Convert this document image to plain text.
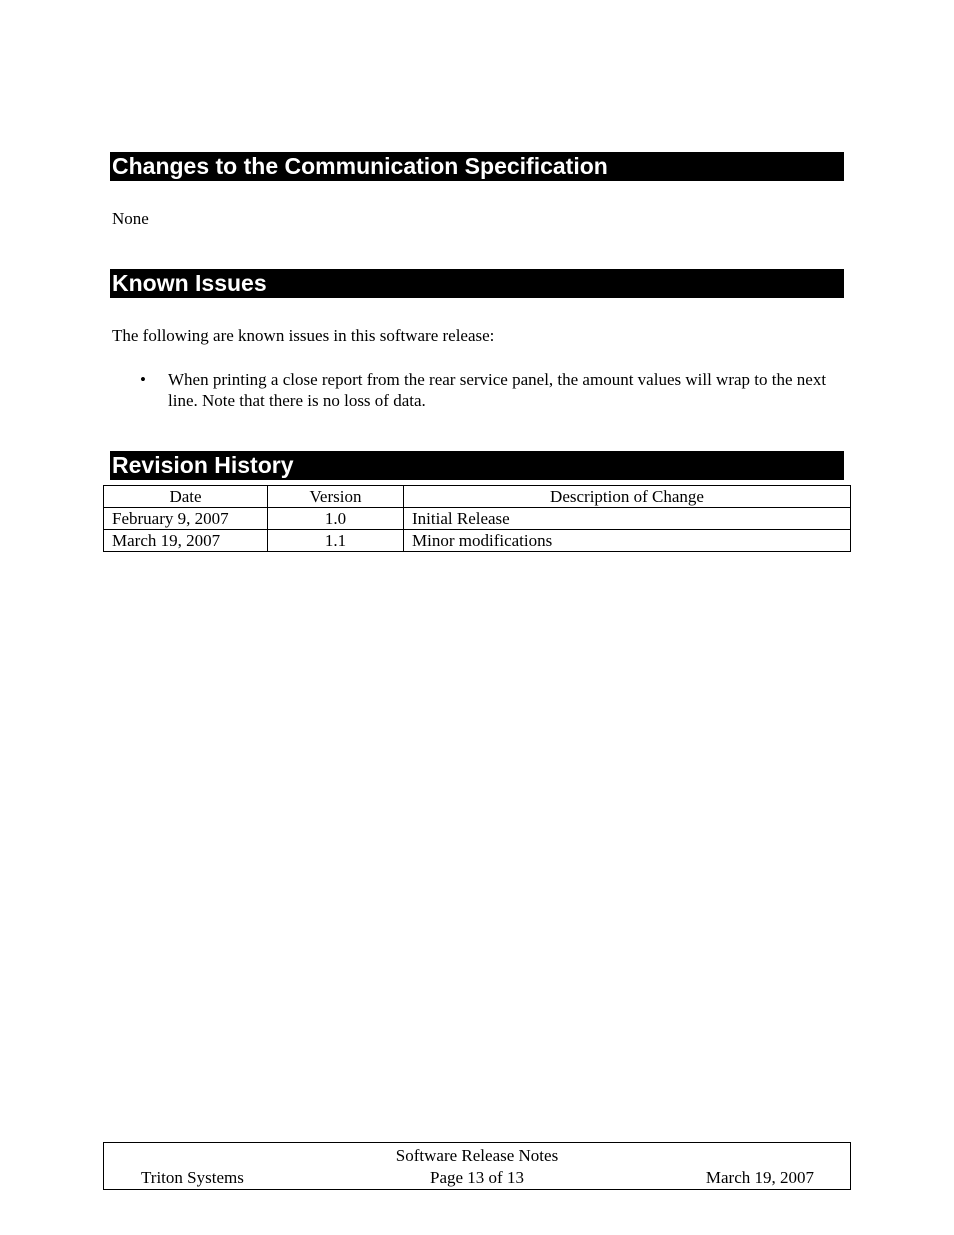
Changes to the Communication Specification
None
Known Issues
The following are known issues in this software release:
• When printing a close report from the rear service panel, the amount values will wrap to the next line. Note that there is no loss of data.
Revision History
Date	Version	Description of Change
February 9, 2007	1.0	Initial Release
March 19, 2007	1.1	Minor modifications
Software Release Notes
Triton Systems	Page 13 of 13	March 19, 2007
